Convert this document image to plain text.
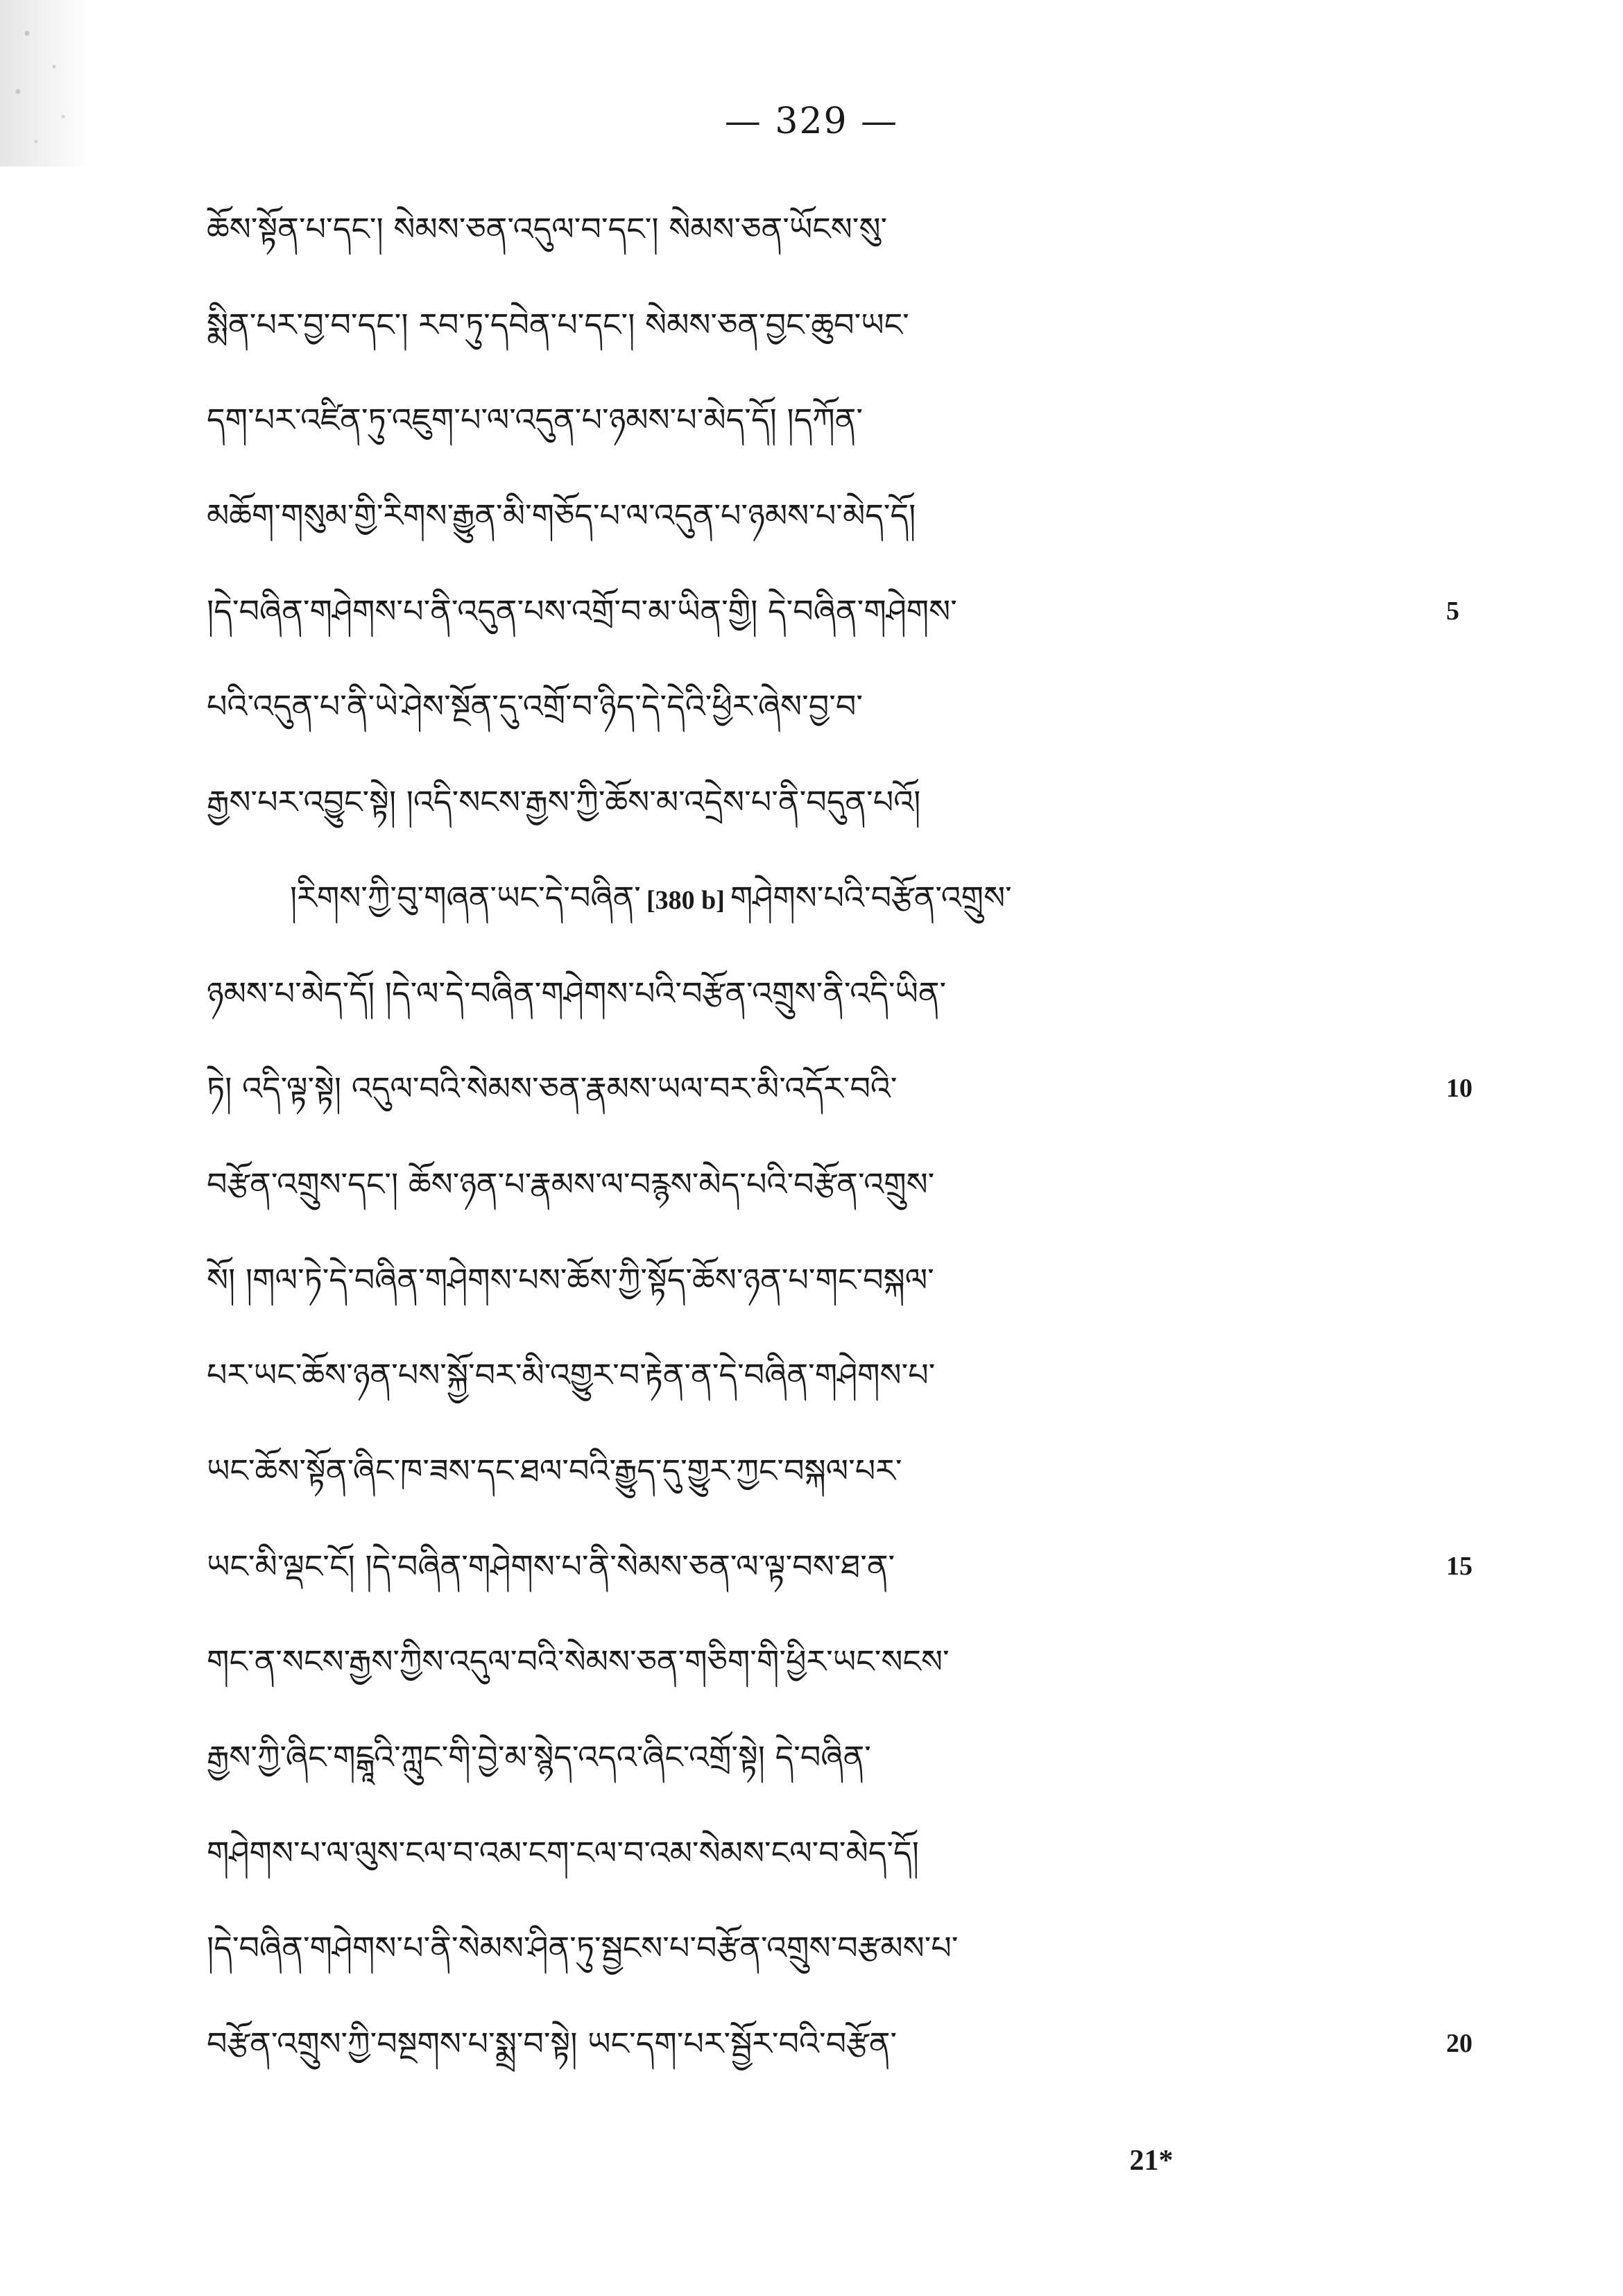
— 329 —
ཆོས་སྟོན་པ་དང་། སེམས་ཅན་འདུལ་བ་དང་། སེམས་ཅན་ཡོངས་སུ་
སྨིན་པར་བྱ་བ་དང་། རབ་ཏུ་དབེན་པ་དང་། སེམས་ཅན་བྱང་ཆུབ་ཡང་
དག་པར་འཛིན་ཏུ་འཇུག་པ་ལ་འདུན་པ་ཉམས་པ་མེད་དོ། །དཀོན་
མཆོག་གསུམ་གྱི་རིགས་རྒྱུན་མི་གཅོད་པ་ལ་འདུན་པ་ཉམས་པ་མེད་དོ།
།དེ་བཞིན་གཤེགས་པ་ནི་འདུན་པས་འགྲོ་བ་མ་ཡིན་གྱི། དེ་བཞིན་གཤེགས་
པའི་འདུན་པ་ནི་ཡེ་ཤེས་སྔོན་དུ་འགྲོ་བ་ཉིད་དེ་དེའི་ཕྱིར་ཞེས་བྱ་བ་
རྒྱས་པར་འབྱུང་སྟེ། །འདི་སངས་རྒྱས་ཀྱི་ཆོས་མ་འདྲེས་པ་ནི་བདུན་པའོ།
།རིགས་ཀྱི་བུ་གཞན་ཡང་དེ་བཞིན་ [380 b] གཤེགས་པའི་བརྩོན་འགྲུས་
ཉམས་པ་མེད་དོ། །དེ་ལ་དེ་བཞིན་གཤེགས་པའི་བརྩོན་འགྲུས་ནི་འདི་ཡིན་
ཏེ། འདི་ལྟ་སྟེ། འདུལ་བའི་སེམས་ཅན་རྣམས་ཡལ་བར་མི་འདོར་བའི་
བརྩོན་འགྲུས་དང་། ཆོས་ཉན་པ་རྣམས་ལ་བརྙས་མེད་པའི་བརྩོན་འགྲུས་
སོ། །གལ་ཏེ་དེ་བཞིན་གཤེགས་པས་ཆོས་ཀྱི་སྟོད་ཆོས་ཉན་པ་གང་བསྐལ་
པར་ཡང་ཆོས་ཉན་པས་སྐྱོ་བར་མི་འགྱུར་བ་རྟེན་ན་དེ་བཞིན་གཤེགས་པ་
ཡང་ཆོས་སྟོན་ཞིང་ཁ་ཟས་དང་ཐལ་བའི་རྒྱུད་དུ་གྱུར་ཀྱང་བསྐལ་པར་
ཡང་མི་ལྡང་ངོ། །དེ་བཞིན་གཤེགས་པ་ནི་སེམས་ཅན་ལ་ལྟ་བས་ཐ་ན་
གང་ན་སངས་རྒྱས་ཀྱིས་འདུལ་བའི་སེམས་ཅན་གཅིག་གི་ཕྱིར་ཡང་སངས་
རྒྱས་ཀྱི་ཞིང་གངྒཱའི་ཀླུང་གི་བྱེ་མ་སྙེད་འདའ་ཞིང་འགྲོ་སྟེ། དེ་བཞིན་
གཤེགས་པ་ལ་ལུས་ངལ་བ་འམ་ངག་ངལ་བ་འམ་སེམས་ངལ་བ་མེད་དོ།
།དེ་བཞིན་གཤེགས་པ་ནི་སེམས་ཤིན་ཏུ་སྦྱངས་པ་བརྩོན་འགྲུས་བརྩམས་པ་
བརྩོན་འགྲུས་ཀྱི་བསྔགས་པ་སྨྲ་བ་སྟེ། ཡང་དག་པར་སྦྱོར་བའི་བརྩོན་
5
10
15
20
21*
